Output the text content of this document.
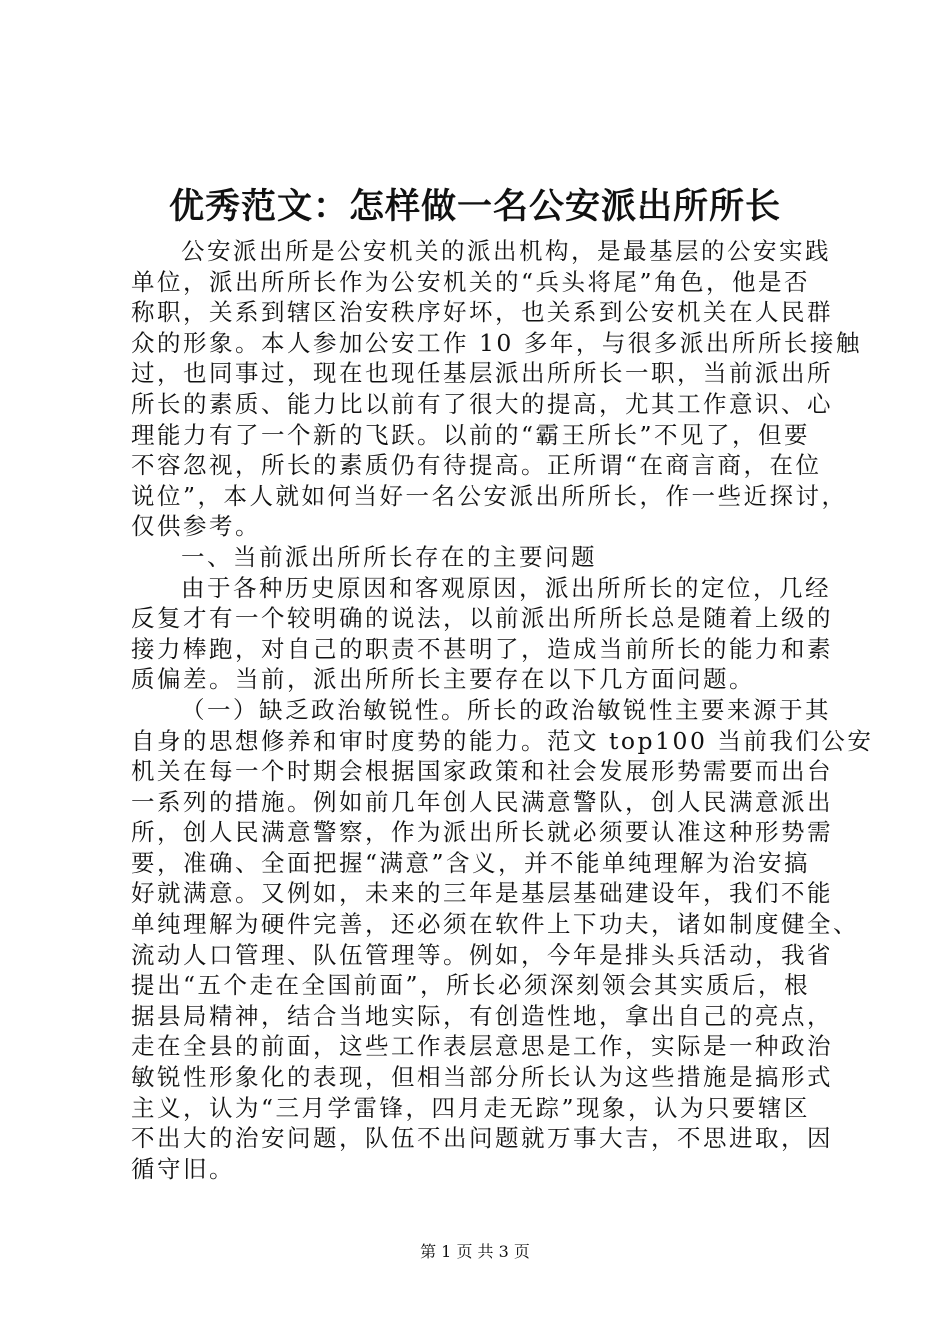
优秀范文：怎样做一名公安派出所所长
公安派出所是公安机关的派出机构，是最基层的公安实践
单位，派出所所长作为公安机关的“兵头将尾”角色，他是否
称职，关系到辖区治安秩序好坏，也关系到公安机关在人民群
众的形象。本人参加公安工作 10 多年，与很多派出所所长接触
过，也同事过，现在也现任基层派出所所长一职，当前派出所
所长的素质、能力比以前有了很大的提高，尤其工作意识、心
理能力有了一个新的飞跃。以前的“霸王所长”不见了，但要
不容忽视，所长的素质仍有待提高。正所谓“在商言商，在位
说位”，本人就如何当好一名公安派出所所长，作一些近探讨，
仅供参考。
一、当前派出所所长存在的主要问题
由于各种历史原因和客观原因，派出所所长的定位，几经
反复才有一个较明确的说法，以前派出所所长总是随着上级的
接力棒跑，对自己的职责不甚明了，造成当前所长的能力和素
质偏差。当前，派出所所长主要存在以下几方面问题。
（一）缺乏政治敏锐性。所长的政治敏锐性主要来源于其
自身的思想修养和审时度势的能力。范文 top100 当前我们公安
机关在每一个时期会根据国家政策和社会发展形势需要而出台
一系列的措施。例如前几年创人民满意警队，创人民满意派出
所，创人民满意警察，作为派出所长就必须要认准这种形势需
要，准确、全面把握“满意”含义，并不能单纯理解为治安搞
好就满意。又例如，未来的三年是基层基础建设年，我们不能
单纯理解为硬件完善，还必须在软件上下功夫，诸如制度健全、
流动人口管理、队伍管理等。例如，今年是排头兵活动，我省
提出“五个走在全国前面”，所长必须深刻领会其实质后，根
据县局精神，结合当地实际，有创造性地，拿出自己的亮点，
走在全县的前面，这些工作表层意思是工作，实际是一种政治
敏锐性形象化的表现，但相当部分所长认为这些措施是搞形式
主义，认为“三月学雷锋，四月走无踪”现象，认为只要辖区
不出大的治安问题，队伍不出问题就万事大吉，不思进取，因
循守旧。
第 1 页 共 3 页
